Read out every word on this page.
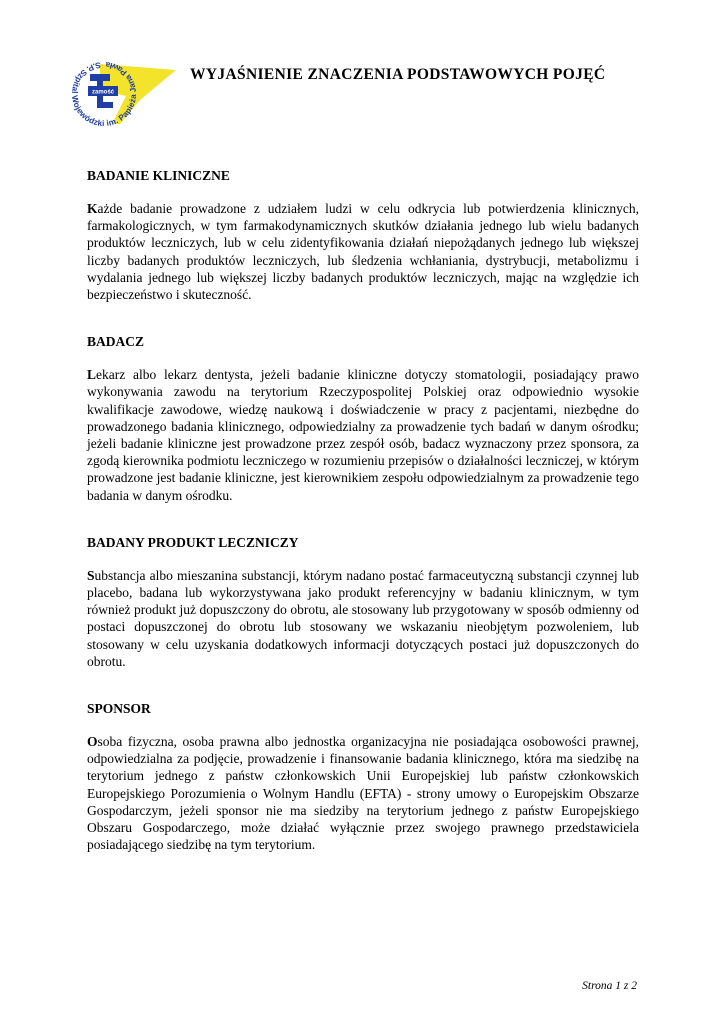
S.P. Szpital Wojewódzki im. Papieża Jana Pawła
zamość
WYJAŚNIENIE ZNACZENIA PODSTAWOWYCH POJĘĆ
BADANIE KLINICZNE

Każde badanie prowadzone z udziałem ludzi w celu odkrycia lub potwierdzenia klinicznych, farmakologicznych, w tym farmakodynamicznych skutków działania jednego lub wielu badanych produktów leczniczych, lub w celu zidentyfikowania działań niepożądanych jednego lub większej liczby badanych produktów leczniczych, lub śledzenia wchłaniania, dystrybucji, metabolizmu i wydalania jednego lub większej liczby badanych produktów leczniczych, mając na względzie ich bezpieczeństwo i skuteczność.

BADACZ

Lekarz albo lekarz dentysta, jeżeli badanie kliniczne dotyczy stomatologii, posiadający prawo wykonywania zawodu na terytorium Rzeczypospolitej Polskiej oraz odpowiednio wysokie kwalifikacje zawodowe, wiedzę naukową i doświadczenie w pracy z pacjentami, niezbędne do prowadzonego badania klinicznego, odpowiedzialny za prowadzenie tych badań w danym ośrodku; jeżeli badanie kliniczne jest prowadzone przez zespół osób, badacz wyznaczony przez sponsora, za zgodą kierownika podmiotu leczniczego w rozumieniu przepisów o działalności leczniczej, w którym prowadzone jest badanie kliniczne, jest kierownikiem zespołu odpowiedzialnym za prowadzenie tego badania w danym ośrodku.

BADANY PRODUKT LECZNICZY

Substancja albo mieszanina substancji, którym nadano postać farmaceutyczną substancji czynnej lub placebo, badana lub wykorzystywana jako produkt referencyjny w badaniu klinicznym, w tym również produkt już dopuszczony do obrotu, ale stosowany lub przygotowany w sposób odmienny od postaci dopuszczonej do obrotu lub stosowany we wskazaniu nieobjętym pozwoleniem, lub stosowany w celu uzyskania dodatkowych informacji dotyczących postaci już dopuszczonych do obrotu.

SPONSOR

Osoba fizyczna, osoba prawna albo jednostka organizacyjna nie posiadająca osobowości prawnej, odpowiedzialna za podjęcie, prowadzenie i finansowanie badania klinicznego, która ma siedzibę na terytorium jednego z państw członkowskich Unii Europejskiej lub państw członkowskich Europejskiego Porozumienia o Wolnym Handlu (EFTA) - strony umowy o Europejskim Obszarze Gospodarczym, jeżeli sponsor nie ma siedziby na terytorium jednego z państw Europejskiego Obszaru Gospodarczego, może działać wyłącznie przez swojego prawnego przedstawiciela posiadającego siedzibę na tym terytorium.

Strona 1 z 2
